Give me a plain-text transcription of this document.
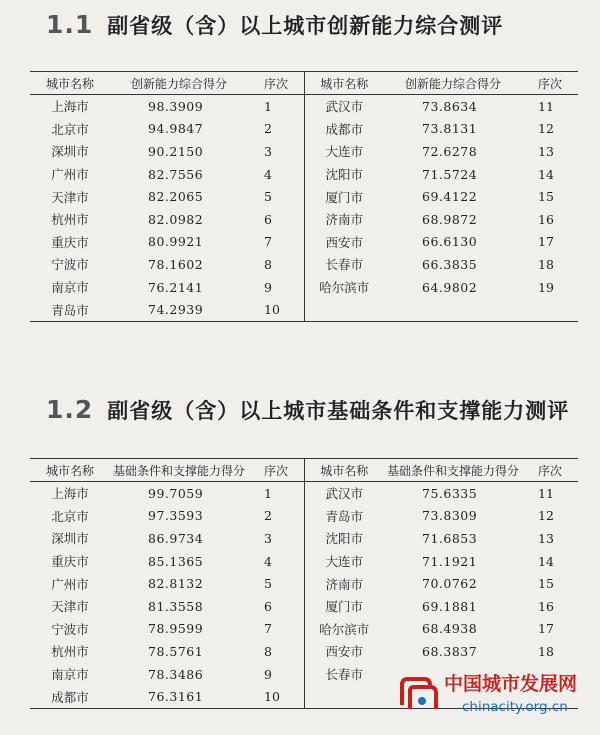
1.1 副省级（含）以上城市创新能力综合测评
城市名称	创新能力综合得分	序次	城市名称	创新能力综合得分	序次
上海市	98.3909	1	武汉市	73.8634	11
北京市	94.9847	2	成都市	73.8131	12
深圳市	90.2150	3	大连市	72.6278	13
广州市	82.7556	4	沈阳市	71.5724	14
天津市	82.2065	5	厦门市	69.4122	15
杭州市	82.0982	6	济南市	68.9872	16
重庆市	80.9921	7	西安市	66.6130	17
宁波市	78.1602	8	长春市	66.3835	18
南京市	76.2141	9	哈尔滨市	64.9802	19
青岛市	74.2939	10			
1.2 副省级（含）以上城市基础条件和支撑能力测评
城市名称	基础条件和支撑能力得分	序次	城市名称	基础条件和支撑能力得分	序次
上海市	99.7059	1	武汉市	75.6335	11
北京市	97.3593	2	青岛市	73.8309	12
深圳市	86.9734	3	沈阳市	71.6853	13
重庆市	85.1365	4	大连市	71.1921	14
广州市	82.8132	5	济南市	70.0762	15
天津市	81.3558	6	厦门市	69.1881	16
宁波市	78.9599	7	哈尔滨市	68.4938	17
杭州市	78.5761	8	西安市	68.3837	18
南京市	78.3486	9	长春市		
成都市	76.3161	10			
中国城市发展网
chinacity.org.cn
